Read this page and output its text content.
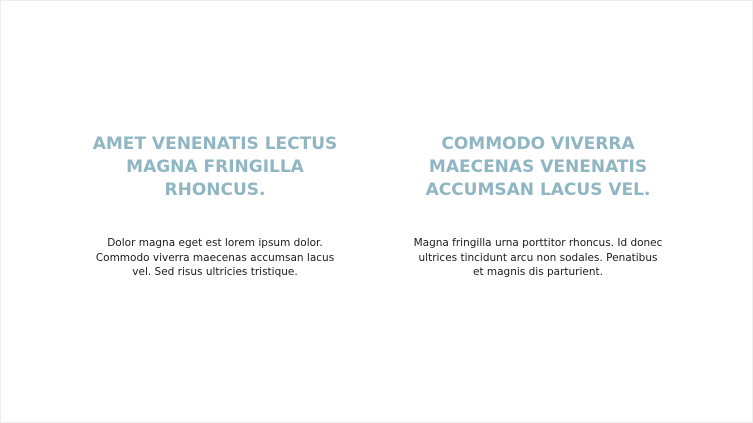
AMET VENENATIS LECTUS MAGNA FRINGILLA RHONCUS.

Dolor magna eget est lorem ipsum dolor. Commodo viverra maecenas accumsan lacus vel. Sed risus ultricies tristique.

COMMODO VIVERRA MAECENAS VENENATIS ACCUMSAN LACUS VEL.

Magna fringilla urna porttitor rhoncus. Id donec ultrices tincidunt arcu non sodales. Penatibus et magnis dis parturient.
